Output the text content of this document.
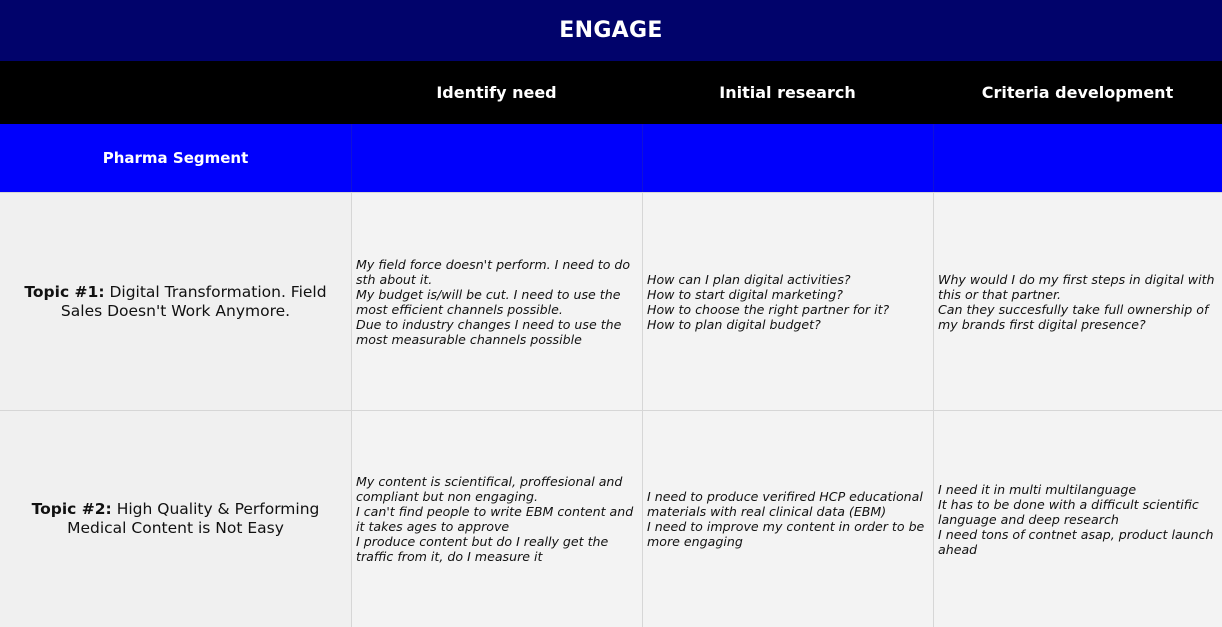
ENGAGE
Identify need	Initial research	Criteria development
Pharma Segment
Topic #1: Digital Transformation. Field Sales Doesn't Work Anymore.
My field force doesn't perform. I need to do sth about it.
My budget is/will be cut. I need to use the most efficient channels possible.
Due to industry changes I need to use the most measurable channels possible
How can I plan digital activities?
How to start digital marketing?
How to choose the right partner for it?
How to plan digital budget?
Why would I do my first steps in digital with this or that partner.
Can they succesfully take full ownership of my brands first digital presence?
Topic #2: High Quality & Performing Medical Content is Not Easy
My content is scientifical, proffesional and compliant but non engaging.
I can't find people to write EBM content and it takes ages to approve
I produce content but do I really get the traffic from it, do I measure it
I need to produce verifired HCP educational materials with real clinical data (EBM)
I need to improve my content in order to be more engaging
I need it in multi multilanguage
It has to be done with a difficult scientific language and deep research
I need tons of contnet asap, product launch ahead
